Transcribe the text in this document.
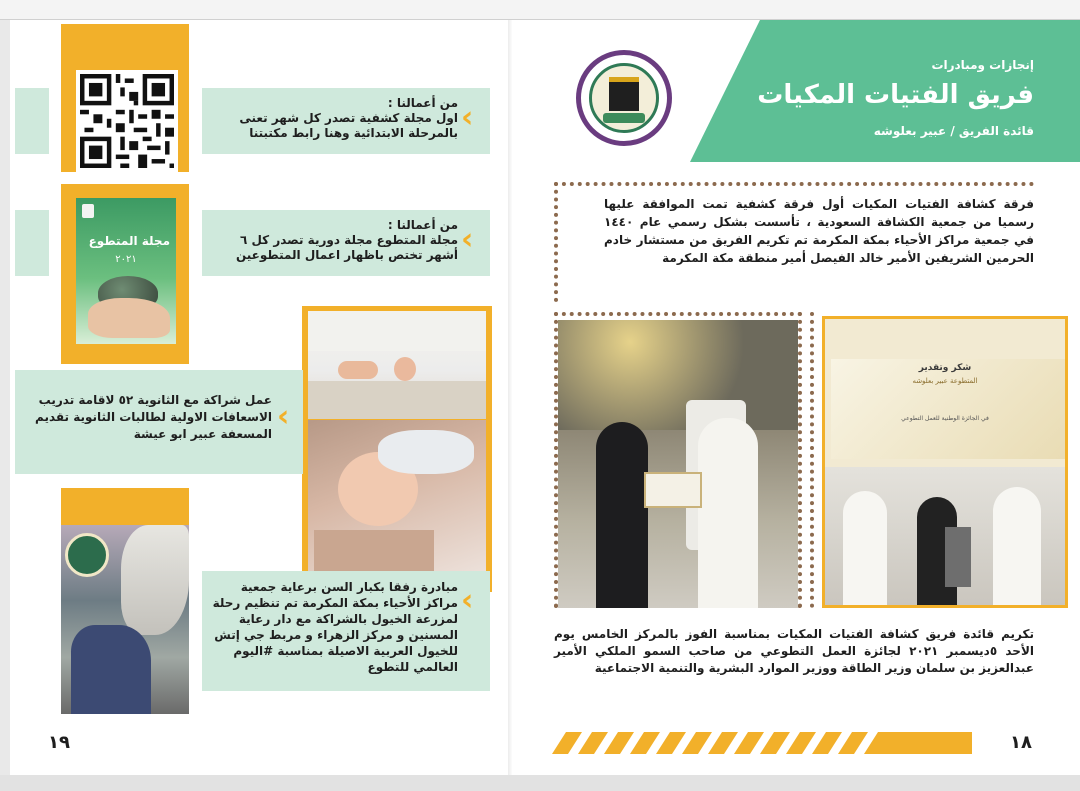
‹
من أعمالنا :
اول مجلة كشفية تصدر كل شهر تعنى بالمرحلة الابتدائية وهنا رابط مكتبتنا
مجلة المتطوع
٢٠٢١
‹
من أعمالنا :
مجلة المتطوع مجلة دورية تصدر كل ٦ أشهر تختص باظهار اعمال المتطوعين
‹
عمل شراكة مع الثانوية ٥٢ لاقامة تدريب الاسعافات الاولية لطالبات الثانوية تقديم المسعفة عبير ابو عيشة
‹
مبادرة رفقا بكبار السن برعاية جمعية مراكز الأحياء بمكة المكرمة تم تنظيم رحلة لمزرعة الخيول بالشراكة مع دار رعاية المسنين و مركز الزهراء و مربط جي إتش للخيول العربية الاصيلة بمناسبة #اليوم العالمي للتطوع
١٩
إنجازات ومبادرات
فريق الفتيات المكيات
قائدة الفريق / عبير بعلوشه
فرقة كشافة الفتيات المكيات أول فرقة كشفية تمت الموافقة عليها رسميا من جمعية الكشافة السعودية ، تأسست بشكل رسمي عام ١٤٤٠ في جمعية مراكز الأحياء بمكة المكرمة تم تكريم الفريق من مستشار خادم الحرمين الشريفين الأمير خالد الفيصل أمير منطقة مكة المكرمة
شكر وتقدير
المتطوعة عبير بعلوشه
في الجائزة الوطنية للعمل التطوعي
تكريم قائدة فريق كشافة الفتيات المكيات بمناسبة الفوز بالمركز الخامس يوم الأحد ٥ديسمبر ٢٠٢١ لجائزة العمل التطوعي من صاحب السمو الملكي الأمير عبدالعزيز بن سلمان وزير الطاقة ووزير الموارد البشرية والتنمية الاجتماعية
١٨
